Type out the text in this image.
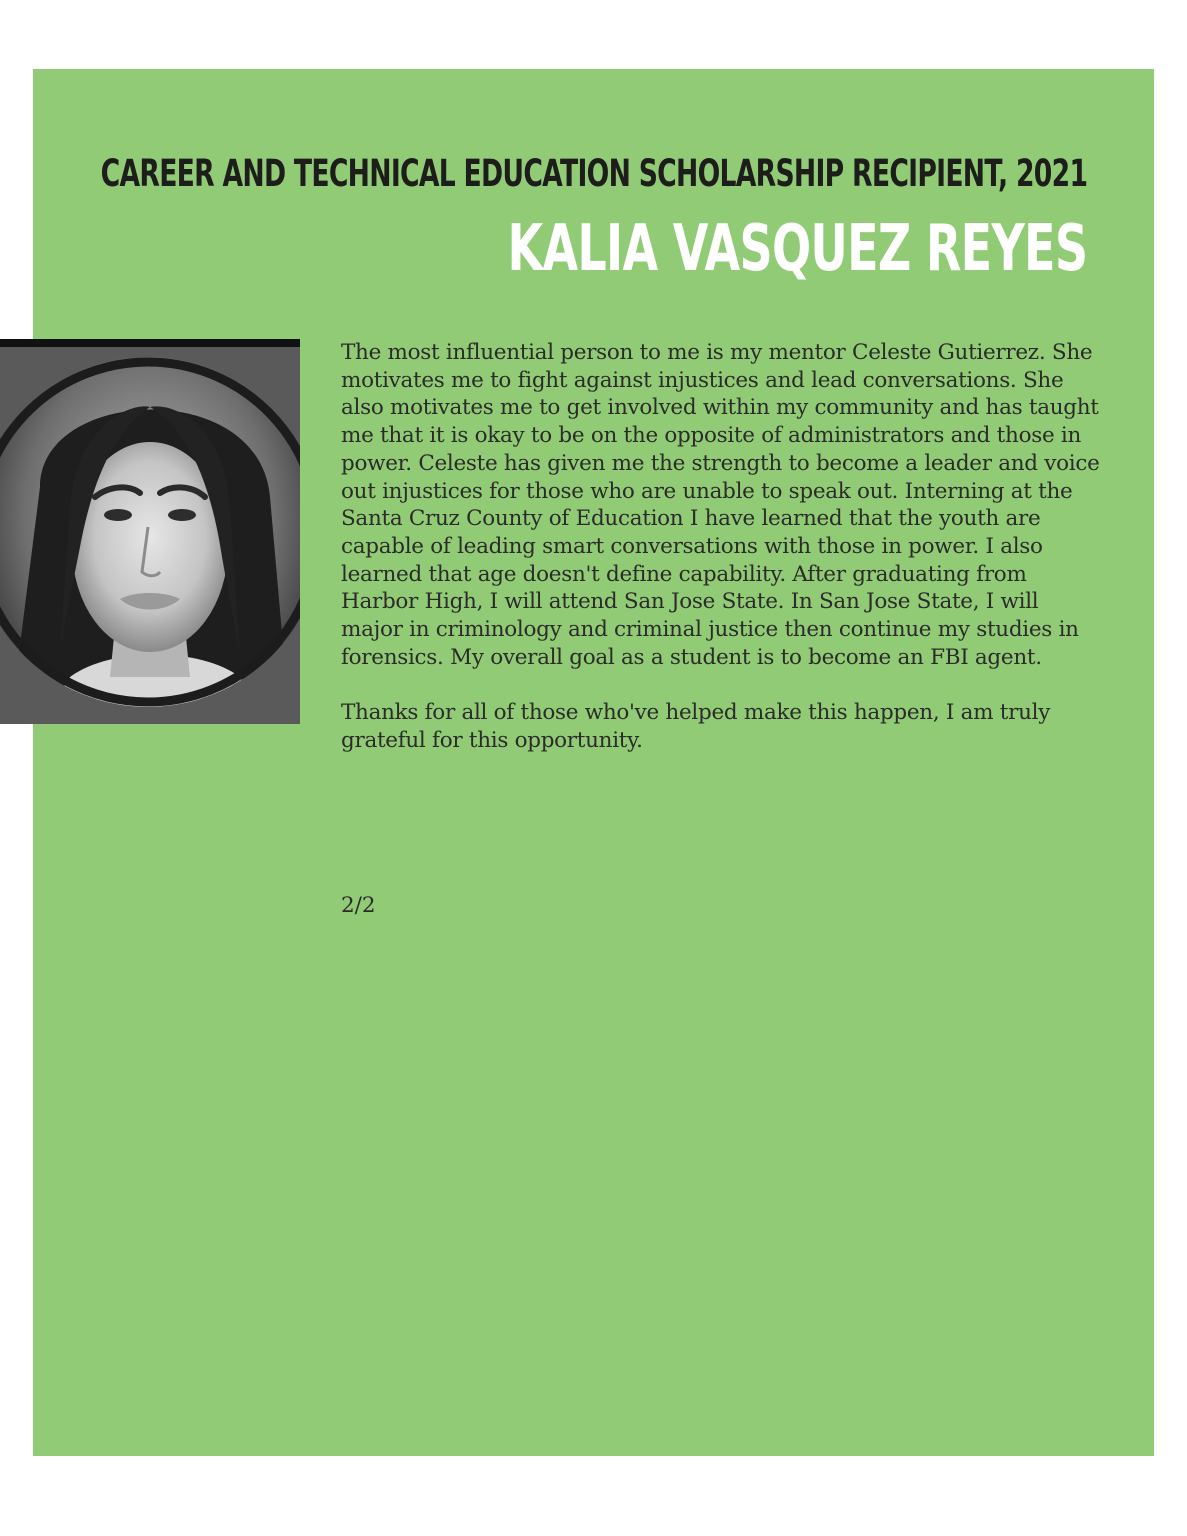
CAREER AND TECHNICAL EDUCATION SCHOLARSHIP RECIPIENT, 2021
KALIA VASQUEZ REYES

The most influential person to me is my mentor Celeste Gutierrez. She motivates me to fight against injustices and lead conversations. She also motivates me to get involved within my community and has taught me that it is okay to be on the opposite of administrators and those in power. Celeste has given me the strength to become a leader and voice out injustices for those who are unable to speak out. Interning at the Santa Cruz County of Education I have learned that the youth are capable of leading smart conversations with those in power. I also learned that age doesn't define capability. After graduating from Harbor High, I will attend San Jose State. In San Jose State, I will major in criminology and criminal justice then continue my studies in forensics. My overall goal as a student is to become an FBI agent.

Thanks for all of those who've helped make this happen, I am truly grateful for this opportunity.

2/2
